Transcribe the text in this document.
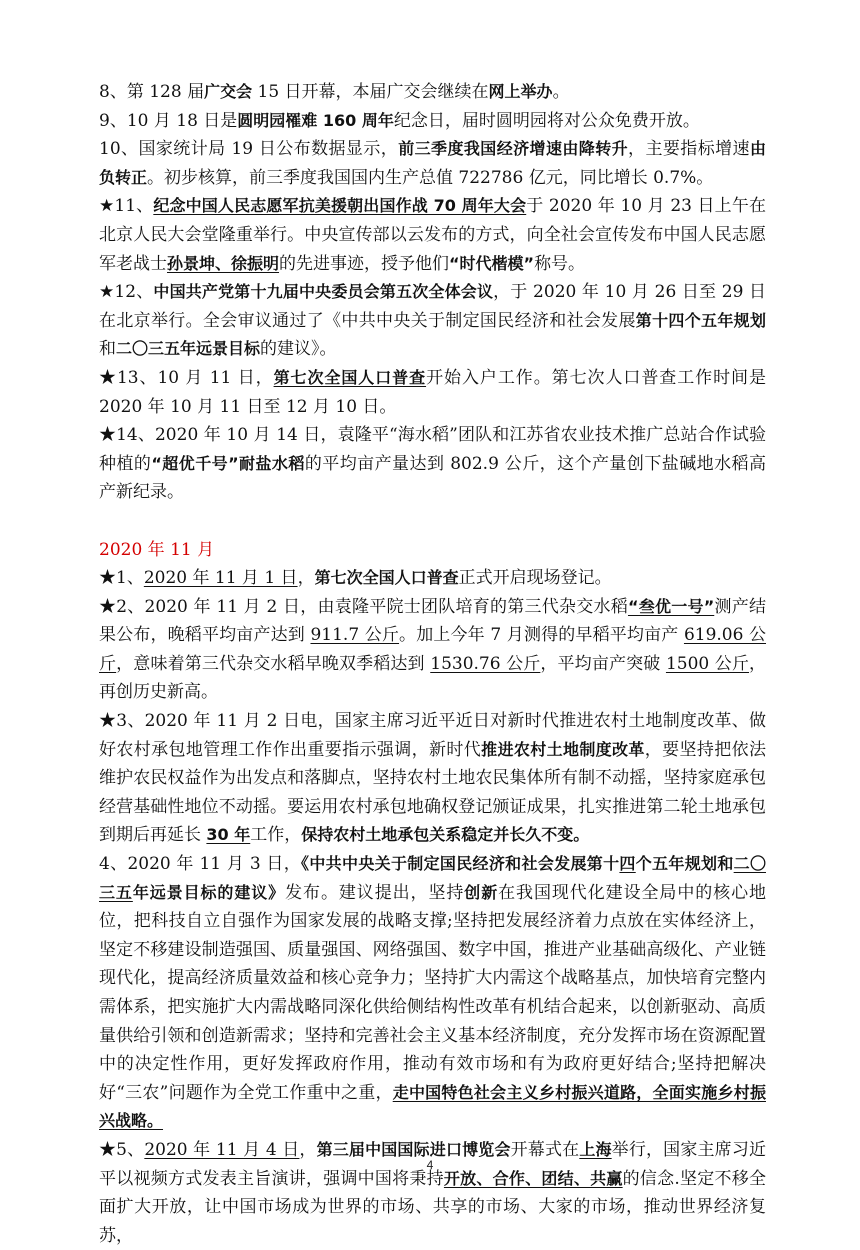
8、第 128 届广交会 15 日开幕，本届广交会继续在网上举办。

9、10 月 18 日是圆明园罹难 160 周年纪念日，届时圆明园将对公众免费开放。

10、国家统计局 19 日公布数据显示，前三季度我国经济增速由降转升，主要指标增速由负转正。初步核算，前三季度我国国内生产总值 722786 亿元，同比增长 0.7%。

★11、纪念中国人民志愿军抗美援朝出国作战 70 周年大会于 2020 年 10 月 23 日上午在北京人民大会堂隆重举行。中央宣传部以云发布的方式，向全社会宣传发布中国人民志愿军老战士孙景坤、徐振明的先进事迹，授予他们“时代楷模”称号。

★12、中国共产党第十九届中央委员会第五次全体会议，于 2020 年 10 月 26 日至 29 日在北京举行。全会审议通过了《中共中央关于制定国民经济和社会发展第十四个五年规划和二〇三五年远景目标的建议》。

★13、10 月 11 日，第七次全国人口普查开始入户工作。第七次人口普查工作时间是 2020 年 10 月 11 日至 12 月 10 日。

★14、2020 年 10 月 14 日，袁隆平“海水稻”团队和江苏省农业技术推广总站合作试验种植的“超优千号”耐盐水稻的平均亩产量达到 802.9 公斤，这个产量创下盐碱地水稻高产新纪录。

2020 年 11 月

★1、2020 年 11 月 1 日，第七次全国人口普查正式开启现场登记。

★2、2020 年 11 月 2 日，由袁隆平院士团队培育的第三代杂交水稻“叁优一号”测产结果公布，晚稻平均亩产达到 911.7 公斤。加上今年 7 月测得的早稻平均亩产 619.06 公斤，意味着第三代杂交水稻早晚双季稻达到 1530.76 公斤，平均亩产突破 1500 公斤，再创历史新高。

★3、2020 年 11 月 2 日电，国家主席习近平近日对新时代推进农村土地制度改革、做好农村承包地管理工作作出重要指示强调，新时代推进农村土地制度改革，要坚持把依法维护农民权益作为出发点和落脚点，坚持农村土地农民集体所有制不动摇，坚持家庭承包经营基础性地位不动摇。要运用农村承包地确权登记颁证成果，扎实推进第二轮土地承包到期后再延长 30 年工作，保持农村土地承包关系稳定并长久不变。

4、2020 年 11 月 3 日，《中共中央关于制定国民经济和社会发展第十四个五年规划和二〇三五年远景目标的建议》发布。建议提出，坚持创新在我国现代化建设全局中的核心地位，把科技自立自强作为国家发展的战略支撑;坚持把发展经济着力点放在实体经济上，坚定不移建设制造强国、质量强国、网络强国、数字中国，推进产业基础高级化、产业链现代化，提高经济质量效益和核心竞争力；坚持扩大内需这个战略基点，加快培育完整内需体系，把实施扩大内需战略同深化供给侧结构性改革有机结合起来，以创新驱动、高质量供给引领和创造新需求；坚持和完善社会主义基本经济制度，充分发挥市场在资源配置中的决定性作用，更好发挥政府作用，推动有效市场和有为政府更好结合;坚持把解决好“三农”问题作为全党工作重中之重，走中国特色社会主义乡村振兴道路，全面实施乡村振兴战略。

★5、2020 年 11 月 4 日，第三届中国国际进口博览会开幕式在上海举行，国家主席习近平以视频方式发表主旨演讲，强调中国将秉持开放、合作、团结、共赢的信念.坚定不移全面扩大开放，让中国市场成为世界的市场、共享的市场、大家的市场，推动世界经济复苏，

4
